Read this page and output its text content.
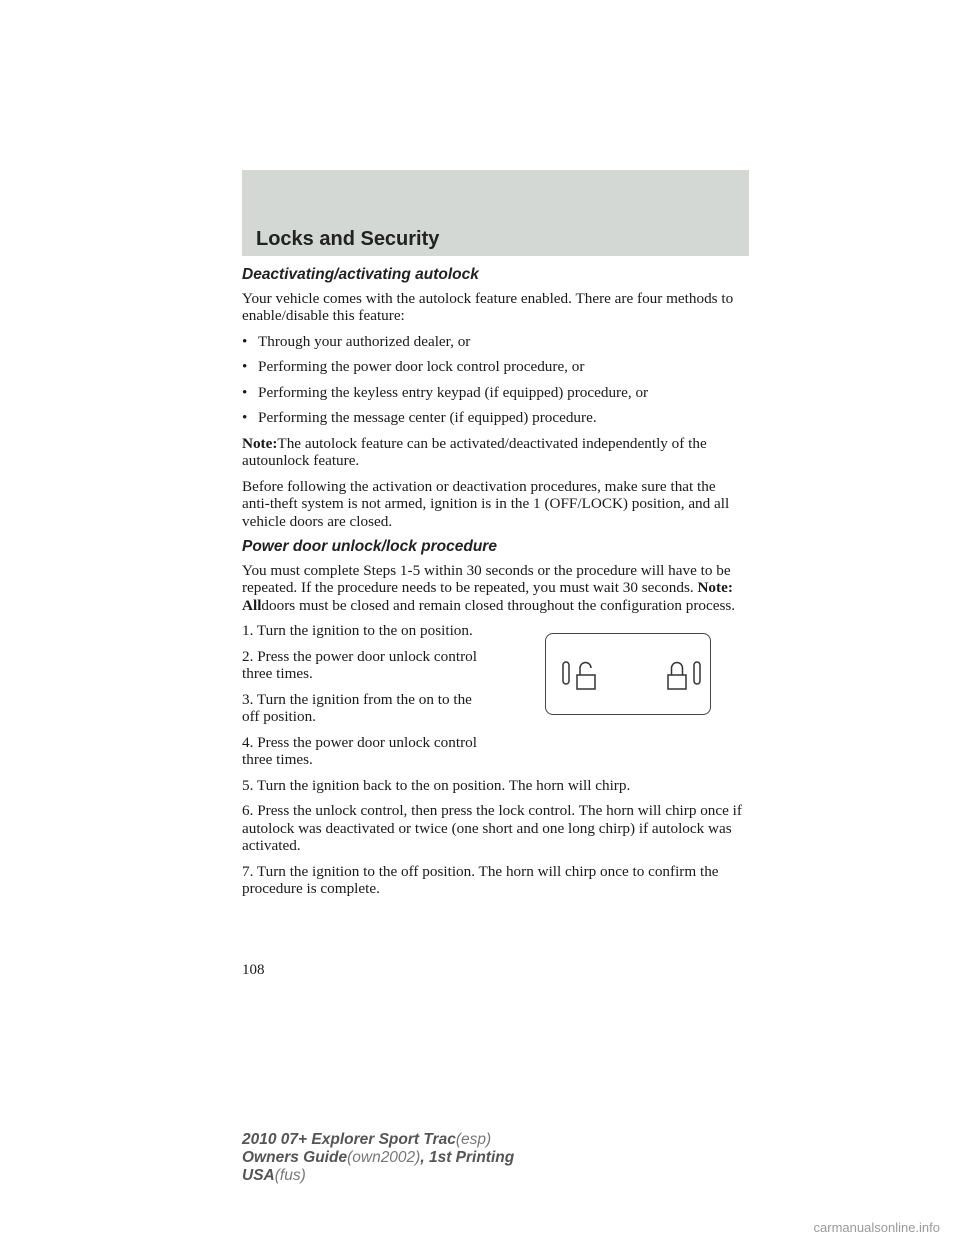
Locks and Security
Deactivating/activating autolock

Your vehicle comes with the autolock feature enabled. There are four methods to enable/disable this feature:

• Through your authorized dealer, or
• Performing the power door lock control procedure, or
• Performing the keyless entry keypad (if equipped) procedure, or
• Performing the message center (if equipped) procedure.

Note:The autolock feature can be activated/deactivated independently of the autounlock feature.

Before following the activation or deactivation procedures, make sure that the anti-theft system is not armed, ignition is in the 1 (OFF/LOCK) position, and all vehicle doors are closed.

Power door unlock/lock procedure

You must complete Steps 1-5 within 30 seconds or the procedure will have to be repeated. If the procedure needs to be repeated, you must wait 30 seconds. Note: Alldoors must be closed and remain closed throughout the configuration process.

1. Turn the ignition to the on position.

2. Press the power door unlock control three times.

3. Turn the ignition from the on to the off position.

4. Press the power door unlock control three times.

5. Turn the ignition back to the on position. The horn will chirp.

6. Press the unlock control, then press the lock control. The horn will chirp once if autolock was deactivated or twice (one short and one long chirp) if autolock was activated.

7. Turn the ignition to the off position. The horn will chirp once to confirm the procedure is complete.

108
2010 07+ Explorer Sport Trac(esp)
Owners Guide(own2002), 1st Printing
USA(fus)
carmanualsonline.info
